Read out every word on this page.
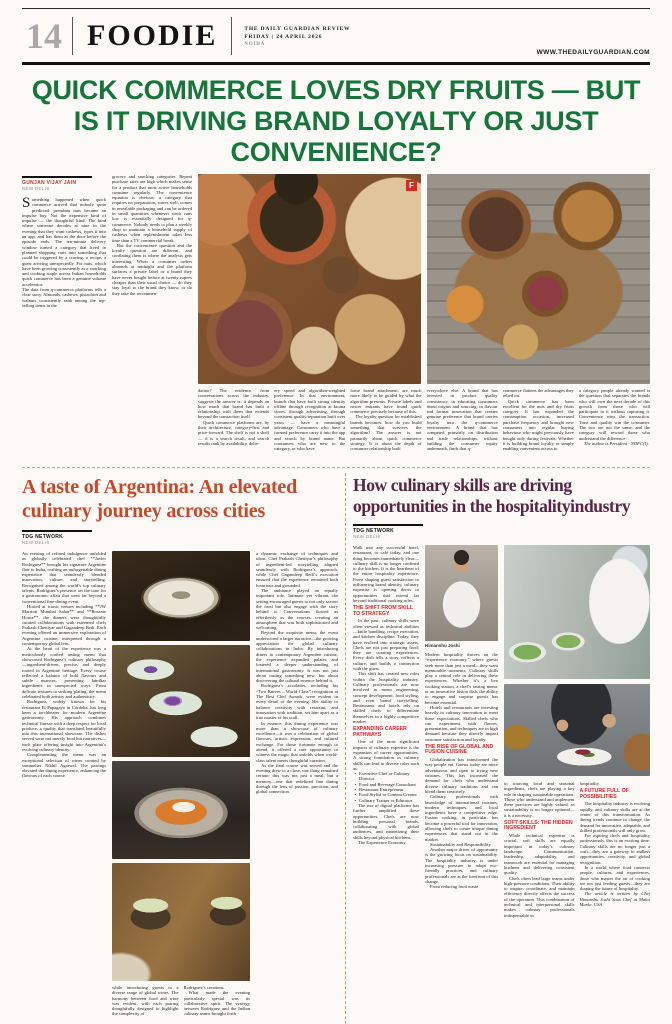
14 FOODIE	THE DAILY GUARDIAN REVIEW
FRIDAY | 24 APRIL 2026
NOIDA
WWW.THEDAILYGUARDIAN.COM
QUICK COMMERCE LOVES DRY FRUITS — BUT IS IT DRIVING BRAND LOYALTY OR JUST CONVENIENCE?
GUNJAN VIJAY JAIN
NEW DELHI

Something happened when quick commerce arrived that nobody quite predicted: premium nuts became an impulse buy. Not the expensive kind of impulse — the thoughtful kind. The kind where someone decides at nine in the evening that they want cashews, types it into an app, and has them at the door before the episode ends. The ten-minute delivery window turned a category that lived in planned shopping carts into something that could be triggered by a craving, a recipe, a guest arriving unexpectedly. For nuts, which have been growing consistently as a snacking and cooking staple across Indian households quick commerce has been a genuine volume accelerator.

The data from q-commerce platforms tells a clear story. Almonds, cashews, pistachios and walnuts consistently rank among the top-selling items in the

grocery and snacking categories. Repeat purchase rates are high which makes sense for a product that most active households consume regularly. The convenience equation is obvious: a category that requires no preparation, stores well, comes in resealable packaging and can be ordered in small quantities whenever stock runs low is essentially designed for q-commerce. Nobody needs to plan a weekly shop to maintain a household supply of cashews when replenishment takes less time than a TV commercial break.

But the convenience question and the loyalty question are different, and conflating them is where the analysis gets interesting. When a consumer orders almonds at midnight and the platform surfaces a private label or a brand they have never bought before at twenty rupees cheaper than their usual choice — do they stay loyal to the brand they know, or do they take the recommen-

F

dation? The evidence, from conversations across the industry, suggests the answer is: it depends on how much that brand has built a relationship with them that extends beyond the transaction itself.

Quick commerce platforms are, by their architecture, category-first and price-forward. The shelf is not a shelf — it is a search result, and search results rank by availability, deliv-

ery speed and algorithm-weighted preference. In that environment, brands that have built strong identity offline through recognition at kirana stores, through advertising, through consistent quality reputation built over years — have a meaningful advantage. Consumers who have a formed preference carry it into the app and search by brand name. But consumers who are new to the category, or who have

loose brand attachment, are much more likely to be guided by what the algorithm presents. Private labels and newer entrants have found quick commerce precisely because of this.

The loyalty question for established brands becomes: how do you build something that survives the algorithm? The answer is not primarily about quick commerce strategy. It is about the depth of consumer relationship built

everywhere else. A brand that has invested in product quality consistency, in educating consumers about origins and sourcing, in flavour and format innovation that creates genuine preference that brand carries loyalty into the q-commerce environment. A brand that has competed primarily on distribution and trade relationships, without building the consumer equity underneath, finds that q-

commerce flattens the advantages they relied on.

Quick commerce has been excellent for the nuts and dry fruits category. It has expanded the consumption occasion, increased purchase frequency and brought new consumers into regular buying behaviour who might previously have bought only during festivals. Whether it is building brand loyalty or simply enabling convenient access to

a category people already wanted is the question that separates the brands who will own the next decade of this growth from those who will participate in it without capturing it. Convenience wins the transaction. Trust and quality win the consumer. The two are not the same, and the category will reward those who understand the difference.

The author is President - NDFC(I).

A taste of Argentina: An elevated culinary journey across cities
TDG NETWORK
NEW DELHI

An evening of refined indulgence unfolded as globally celebrated chef **Javier Rodriguez** brought his signature Argentine flair to India, crafting an unforgettable dining experience that seamlessly blended innovation, culture, and storytelling. Recognised among the world’s top culinary talents, Rodriguez’s presence set the tone for a gastronomic affair that went far beyond a conventional fine-dining event.

Hosted at iconic venues including **JW Marriott Mumbai Sahar** and **Roseate House**, the dinners were thoughtfully curated collaborations with esteemed chefs Prakash Chettiyar and Gagandeep Bedi. Each evening offered an immersive exploration of Argentine cuisine, interpreted through a contemporary global lens.

At the heart of the experience was a meticulously crafted tasting menu that showcased Rodriguez’s culinary philosophy—ingredient-driven, precise, and deeply rooted in Argentine heritage. Every course reflected a balance of bold flavours and subtle nuances, presenting familiar ingredients in unexpected ways. From delicate textures to striking plating, the menu celebrated both artistry and authenticity.

Rodriguez, widely known for his restaurant El Papagayo in Córdoba, has long been a torchbearer for modern Argentine gastronomy. His approach combines technical finesse with a deep respect for local produce, a quality that translated beautifully into this international showcase. The dishes served were not merely food but narratives—each plate offering insight into Argentina’s evolving culinary identity.

Complementing the menu was an exceptional selection of wines curated by sommelier Nikhil Agarwal. The pairings elevated the dining experience, enhancing the flavours of each course

while introducing guests to a diverse range of global wines. The harmony between food and wine was evident, with each pairing thoughtfully designed to highlight the complexity of

Rodriguez’s creations.

What made the evening particularly special was its collaborative spirit. The synergy between Rodriguez and the Indian culinary teams brought forth

a dynamic exchange of techniques and ideas. Chef Prakash Chettiyar’s philosophy of ingredient-led storytelling aligned seamlessly with Rodriguez’s approach, while Chef Gagandeep Bedi’s execution ensured that the experience remained both luxurious and grounded.

The ambiance played an equally important role. Intimate yet vibrant, the setting encouraged guests to not only savour the food but also engage with the story behind it. Conversations flowed as effortlessly as the courses, creating an atmosphere that was both sophisticated and welcoming.

Beyond the exquisite menu, the event underscored a larger narrative—the growing appreciation for global culinary collaborations in India. By introducing diners to contemporary Argentine cuisine, the experience expanded palates and fostered a deeper understanding of international gastronomy. It was not just about tasting something new, but about discovering the cultural essence behind it.

Rodriguez’s accolades, including his “Two Knives – World Class” recognition at The Best Chef Awards, were evident in every detail of the evening. His ability to balance creativity with restraint, and innovation with tradition, set him apart as a true master of his craft.

In essence, this dining experience was more than a showcase of culinary excellence—it was a celebration of global flavours, artistic expression, and cultural exchange. For those fortunate enough to attend, it offered a rare opportunity to witness the magic that unfolds when world-class talent meets thoughtful curation.

As the final course was served and the evening drew to a close, one thing remained certain: this was not just a meal, but a memory—one that redefined fine dining through the lens of passion, precision, and global connection.

How culinary skills are driving opportunities in the hospitalityindustry
TDG NETWORK
NEW DELHI

Walk into any successful hotel, restaurant, or café today, and one thing becomes immediately clear—culinary skill is no longer confined to the kitchen. It is the heartbeat of the entire hospitality experience. From shaping guest satisfaction to influencing brand identity, culinary expertise is opening doors to opportunities that extend far beyond traditional cooking roles.

THE SHIFT FROM SKILL TO STRATEGY

In the past, culinary skills were often viewed as technical abilities—knife handling, recipe execution, and kitchen discipline. Today, they have evolved into strategic assets. Chefs are not just preparing food; they are curating experiences. Every dish tells a story, reflects a culture, and builds a connection with the guest.

This shift has created new roles within the hospitality industry. Culinary professionals are now involved in menu engineering, concept development, food styling, and even brand storytelling. Restaurants and hotels rely on skilled chefs to differentiate themselves in a highly competitive market.

EXPANDING CAREER PATHWAYS

One of the most significant impacts of culinary expertise is the expansion of career opportunities. A strong foundation in culinary skills can lead to diverse roles such as:

• Executive Chef or Culinary Director

• Food and Beverage Consultant

• Restaurant Entrepreneur

• Food Stylist or Content Creator

• Culinary Trainer or Educator

The rise of digital platforms has further amplified these opportunities. Chefs are now building personal brands, collaborating with global audiences, and monetizing their skills beyond physical kitchens.

The Experience Economy

Himanshu Joshi

Modern hospitality thrives on the “experience economy,” where guests seek more than just a meal—they want memorable moments. Culinary skills play a central role in delivering these experiences. Whether it’s a live cooking station, a chef’s tasting menu, or an innovative fusion dish, the ability to engage and surprise guests has become essential.

Hotels and restaurants are investing heavily in culinary innovation to meet these expectations. Skilled chefs who can experiment with flavors, presentation, and techniques are in high demand because they directly impact customer satisfaction and loyalty.

THE RISE OF GLOBAL AND FUSION CUISINE

Globalization has transformed the way people eat. Guests today are more adventurous and open to trying new cuisines. This has increased the demand for chefs who understand diverse culinary traditions and can blend them creatively.

Culinary professionals with knowledge of international cuisines, modern techniques, and local ingredients have a competitive edge. Fusion cooking, in particular, has become a powerful tool for innovation, allowing chefs to create unique dining experiences that stand out in the market.

Sustainability and Responsibility

Another major driver of opportunity is the growing focus on sustainability. The hospitality industry is under increasing pressure to adopt eco-friendly practices, and culinary professionals are at the forefront of this change.

From reducing food waste

to sourcing local and seasonal ingredients, chefs are playing a key role in shaping sustainable operations. Those who understand and implement these practices are highly valued, as sustainability is no longer optional—it is a necessity.

SOFT SKILLS: THE HIDDEN INGREDIENT

While technical expertise is crucial, soft skills are equally important in today’s culinary landscape. Communication, leadership, adaptability, and teamwork are essential for managing kitchens and delivering consistent quality.

Chefs often lead large teams under high-pressure conditions. Their ability to inspire, coordinate, and maintain efficiency directly affects the success of the operation. This combination of technical and interpersonal skills makes culinary professionals indispensable in

hospitality.

A FUTURE FULL OF POSSIBILITIES

The hospitality industry is evolving rapidly, and culinary skills are at the center of this transformation. As dining trends continue to change, the demand for innovative, adaptable, and skilled professionals will only grow.

For aspiring chefs and hospitality professionals, this is an exciting time. Culinary skills are no longer just a craft—they are a gateway to endless opportunities, creativity, and global recognition.

In a world where food connects people, cultures, and experiences, those who master the art of cooking are not just feeding guests—they are shaping the future of hospitality.

The article is written by Chef Himanshu Joshi Sous Chef at Malai Marke, USA
